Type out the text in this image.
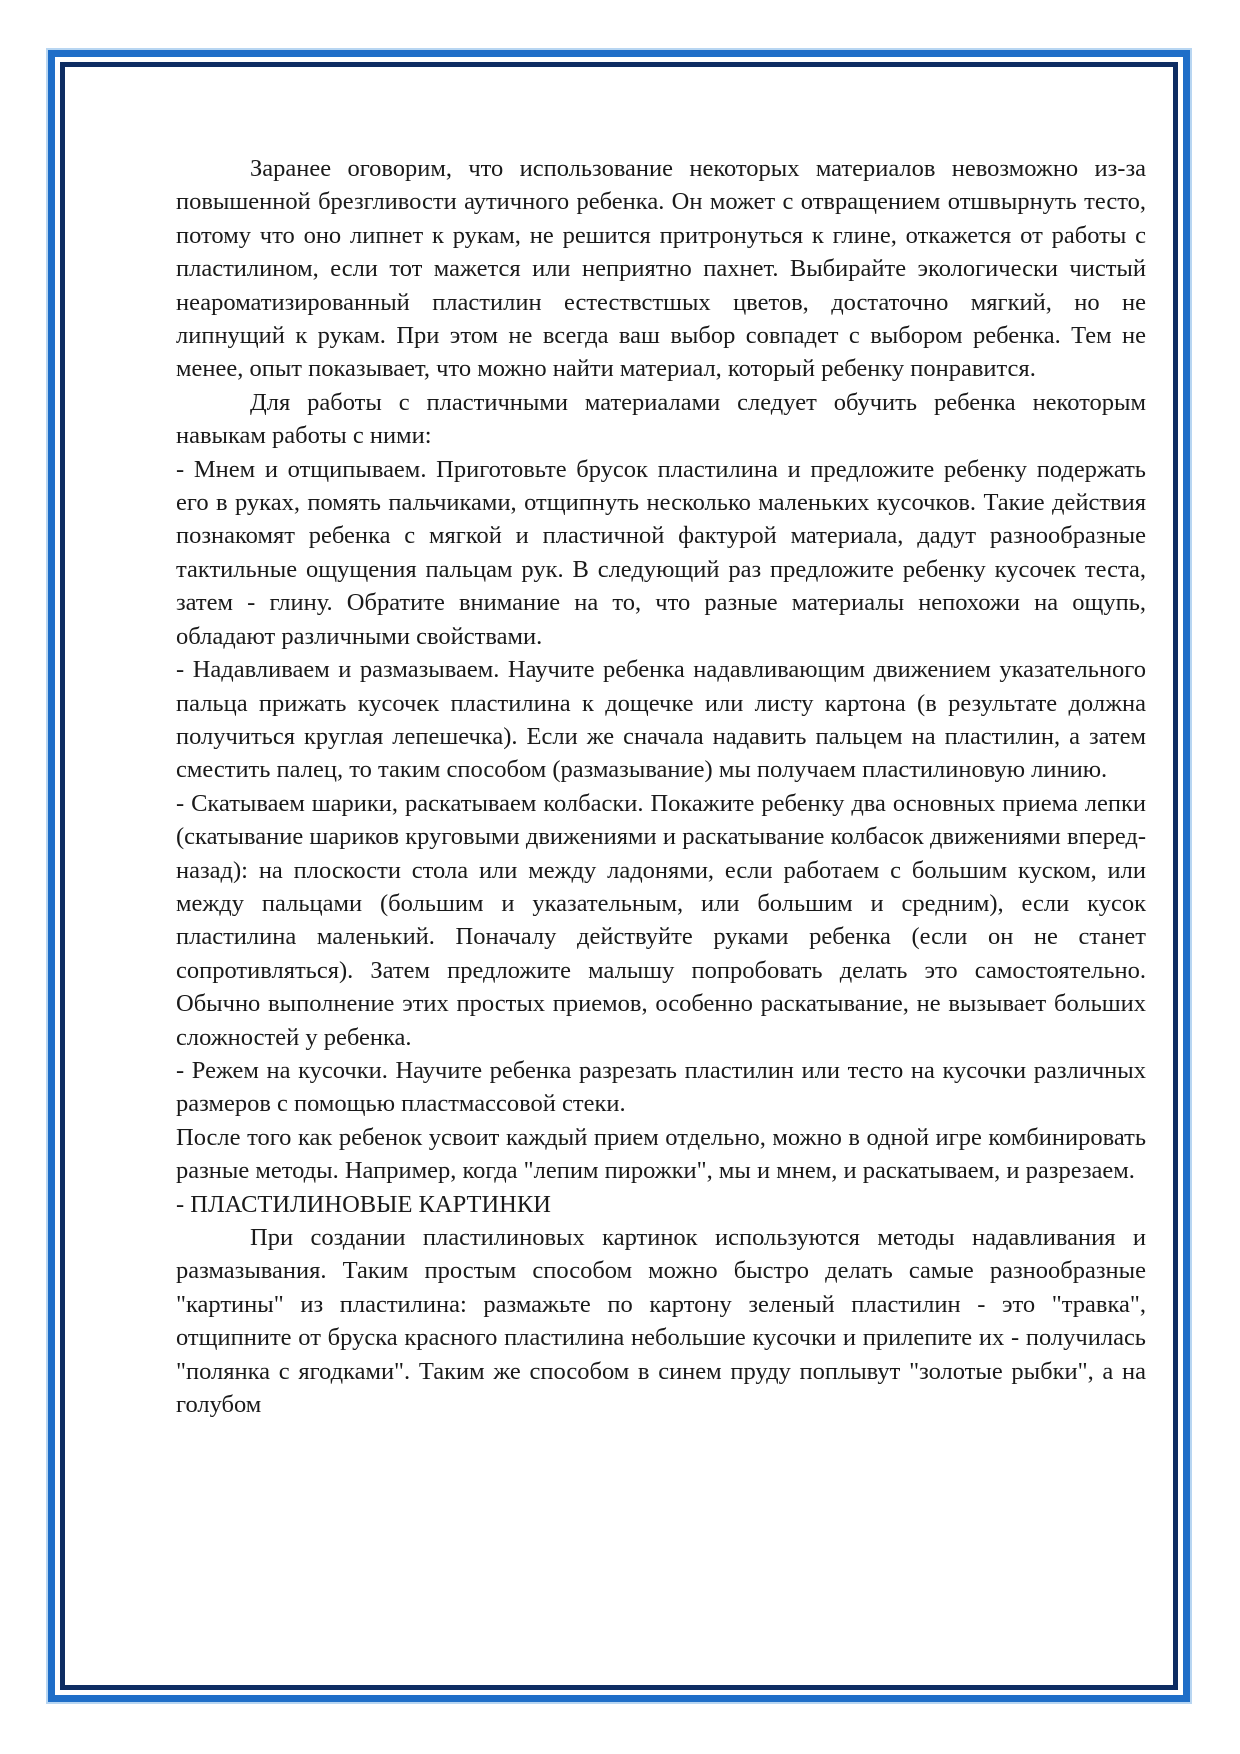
Заранее оговорим, что использование некоторых материалов невозможно из-за повышенной брезгливости аутичного ребенка. Он может с отвращением отшвырнуть тесто, потому что оно липнет к рукам, не решится притронуться к глине, откажется от работы с пластилином, если тот мажется или неприятно пахнет. Выбирайте экологически чистый неароматизированный пластилин естествстшых цветов, достаточно мягкий, но не липнущий к рукам. При этом не всегда ваш выбор совпадет с выбором ребенка. Тем не менее, опыт показывает, что можно найти материал, который ребенку понравится.

Для работы с пластичными материалами следует обучить ребенка некоторым навыкам работы с ними:

- Мнем и отщипываем. Приготовьте брусок пластилина и предложите ребенку подержать его в руках, помять пальчиками, отщипнуть несколько маленьких кусочков. Такие действия познакомят ребенка с мягкой и пластичной фактурой материала, дадут разнообразные тактильные ощущения пальцам рук. В следующий раз предложите ребенку кусочек теста, затем - глину. Обратите внимание на то, что разные материалы непохожи на ощупь, обладают различными свойствами.

- Надавливаем и размазываем. Научите ребенка надавливающим движением указательного пальца прижать кусочек пластилина к дощечке или листу картона (в результате должна получиться круглая лепешечка). Если же сначала надавить пальцем на пластилин, а затем сместить палец, то таким способом (размазывание) мы получаем пластилиновую линию.

- Скатываем шарики, раскатываем колбаски. Покажите ребенку два основных приема лепки (скатывание шариков круговыми движениями и раскатывание колбасок движениями вперед-назад): на плоскости стола или между ладонями, если работаем с большим куском, или между пальцами (большим и указательным, или большим и средним), если кусок пластилина маленький. Поначалу действуйте руками ребенка (если он не станет сопротивляться). Затем предложите малышу попробовать делать это самостоятельно. Обычно выполнение этих простых приемов, особенно раскатывание, не вызывает больших сложностей у ребенка.

- Режем на кусочки. Научите ребенка разрезать пластилин или тесто на кусочки различных размеров с помощью пластмассовой стеки.

После того как ребенок усвоит каждый прием отдельно, можно в одной игре комбинировать разные методы. Например, когда "лепим пирожки", мы и мнем, и раскатываем, и разрезаем.

- ПЛАСТИЛИНОВЫЕ КАРТИНКИ

При создании пластилиновых картинок используются методы надавливания и размазывания. Таким простым способом можно быстро делать самые разнообразные "картины" из пластилина: размажьте по картону зеленый пластилин - это "травка", отщипните от бруска красного пластилина небольшие кусочки и прилепите их - получилась "полянка с ягодками". Таким же способом в синем пруду поплывут "золотые рыбки", а на голубом
